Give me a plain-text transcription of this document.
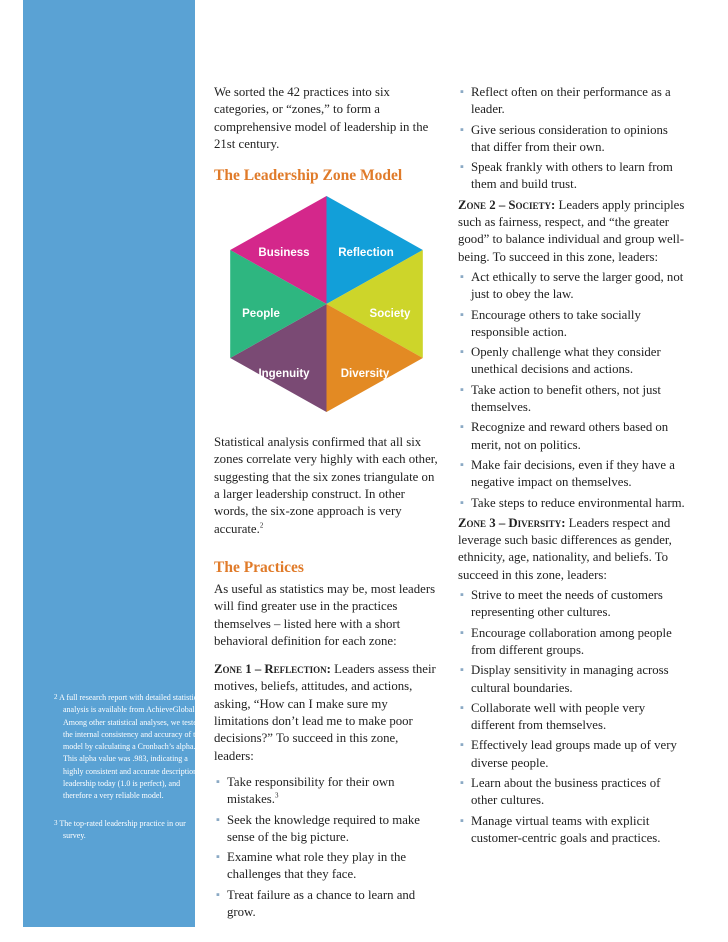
2 A full research report with detailed statistical analysis is available from AchieveGlobal. Among other statistical analyses, we tested the internal consistency and accuracy of this model by calculating a Cronbach’s alpha. This alpha value was .983, indicating a highly consistent and accurate description of leadership today (1.0 is perfect), and therefore a very reliable model.

3 The top-rated leadership practice in our survey.

We sorted the 42 practices into six categories, or “zones,” to form a comprehensive model of leadership in the 21st century.

The Leadership Zone Model
Business Reflection
Society
Diversity
Ingenuity
People

Statistical analysis confirmed that all six zones correlate very highly with each other, suggesting that the six zones triangulate on a larger leadership construct. In other words, the six-zone approach is very accurate.$^2$

The Practices

As useful as statistics may be, most leaders will find greater use in the practices themselves – listed here with a short behavioral definition for each zone:

Zone 1 – Reflection: Leaders assess their motives, beliefs, attitudes, and actions, asking, “How can I make sure my limitations don’t lead me to make poor decisions?” To succeed in this zone, leaders:

▪ Take responsibility for their own mistakes.$^3$
▪ Seek the knowledge required to make sense of the big picture.
▪ Examine what role they play in the challenges that they face.
▪ Treat failure as a chance to learn and grow.
▪ Reflect often on their performance as a leader.
▪ Give serious consideration to opinions that differ from their own.
▪ Speak frankly with others to learn from them and build trust.

Zone 2 – Society: Leaders apply principles such as fairness, respect, and “the greater good” to balance individual and group well-being. To succeed in this zone, leaders:

▪ Act ethically to serve the larger good, not just to obey the law.
▪ Encourage others to take socially responsible action.
▪ Openly challenge what they consider unethical decisions and actions.
▪ Take action to benefit others, not just themselves.
▪ Recognize and reward others based on merit, not on politics.
▪ Make fair decisions, even if they have a negative impact on themselves.
▪ Take steps to reduce environmental harm.

Zone 3 – Diversity: Leaders respect and leverage such basic differences as gender, ethnicity, age, nationality, and beliefs. To succeed in this zone, leaders:

▪ Strive to meet the needs of customers representing other cultures.
▪ Encourage collaboration among people from different groups.
▪ Display sensitivity in managing across cultural boundaries.
▪ Collaborate well with people very different from themselves.
▪ Effectively lead groups made up of very diverse people.
▪ Learn about the business practices of other cultures.
▪ Manage virtual teams with explicit customer-centric goals and practices.
